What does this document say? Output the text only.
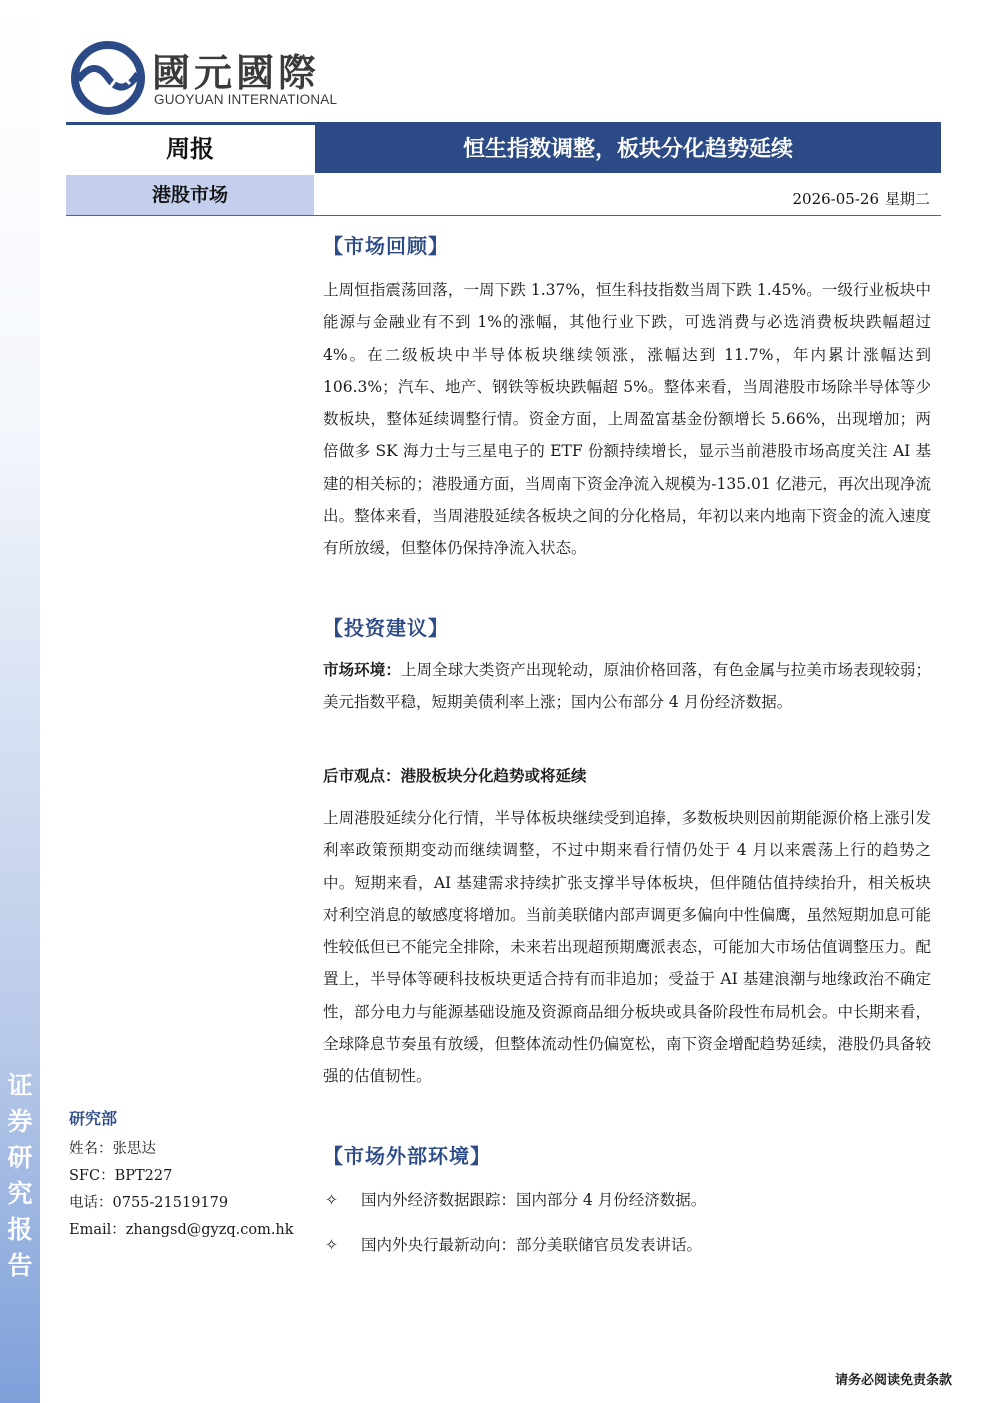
证
券
研
究
报
告
國元國際
GUOYUAN INTERNATIONAL
周报	恒生指数调整，板块分化趋势延续
港股市场	2026-05-26 星期二
【市场回顾】

上周恒指震荡回落，一周下跌 1.37%，恒生科技指数当周下跌 1.45%。一级行业板块中能源与金融业有不到 1%的涨幅，其他行业下跌，可选消费与必选消费板块跌幅超过 4%。在二级板块中半导体板块继续领涨，涨幅达到 11.7%，年内累计涨幅达到 106.3%；汽车、地产、钢铁等板块跌幅超 5%。整体来看，当周港股市场除半导体等少数板块，整体延续调整行情。资金方面，上周盈富基金份额增长 5.66%，出现增加；两倍做多 SK 海力士与三星电子的 ETF 份额持续增长，显示当前港股市场高度关注 AI 基建的相关标的；港股通方面，当周南下资金净流入规模为-135.01 亿港元，再次出现净流出。整体来看，当周港股延续各板块之间的分化格局，年初以来内地南下资金的流入速度有所放缓，但整体仍保持净流入状态。

【投资建议】

市场环境：上周全球大类资产出现轮动，原油价格回落，有色金属与拉美市场表现较弱；美元指数平稳，短期美债利率上涨；国内公布部分 4 月份经济数据。

后市观点：港股板块分化趋势或将延续

上周港股延续分化行情，半导体板块继续受到追捧，多数板块则因前期能源价格上涨引发利率政策预期变动而继续调整，不过中期来看行情仍处于 4 月以来震荡上行的趋势之中。短期来看，AI 基建需求持续扩张支撑半导体板块，但伴随估值持续抬升，相关板块对利空消息的敏感度将增加。当前美联储内部声调更多偏向中性偏鹰，虽然短期加息可能性较低但已不能完全排除，未来若出现超预期鹰派表态，可能加大市场估值调整压力。配置上，半导体等硬科技板块更适合持有而非追加；受益于 AI 基建浪潮与地缘政治不确定性，部分电力与能源基础设施及资源商品细分板块或具备阶段性布局机会。中长期来看，全球降息节奏虽有放缓，但整体流动性仍偏宽松，南下资金增配趋势延续，港股仍具备较强的估值韧性。

【市场外部环境】
✧ 国内外经济数据跟踪：国内部分 4 月份经济数据。
✧ 国内外央行最新动向：部分美联储官员发表讲话。
研究部
姓名：张思达
SFC：BPT227
电话：0755-21519179
Email：zhangsd@gyzq.com.hk
请务必阅读免责条款
